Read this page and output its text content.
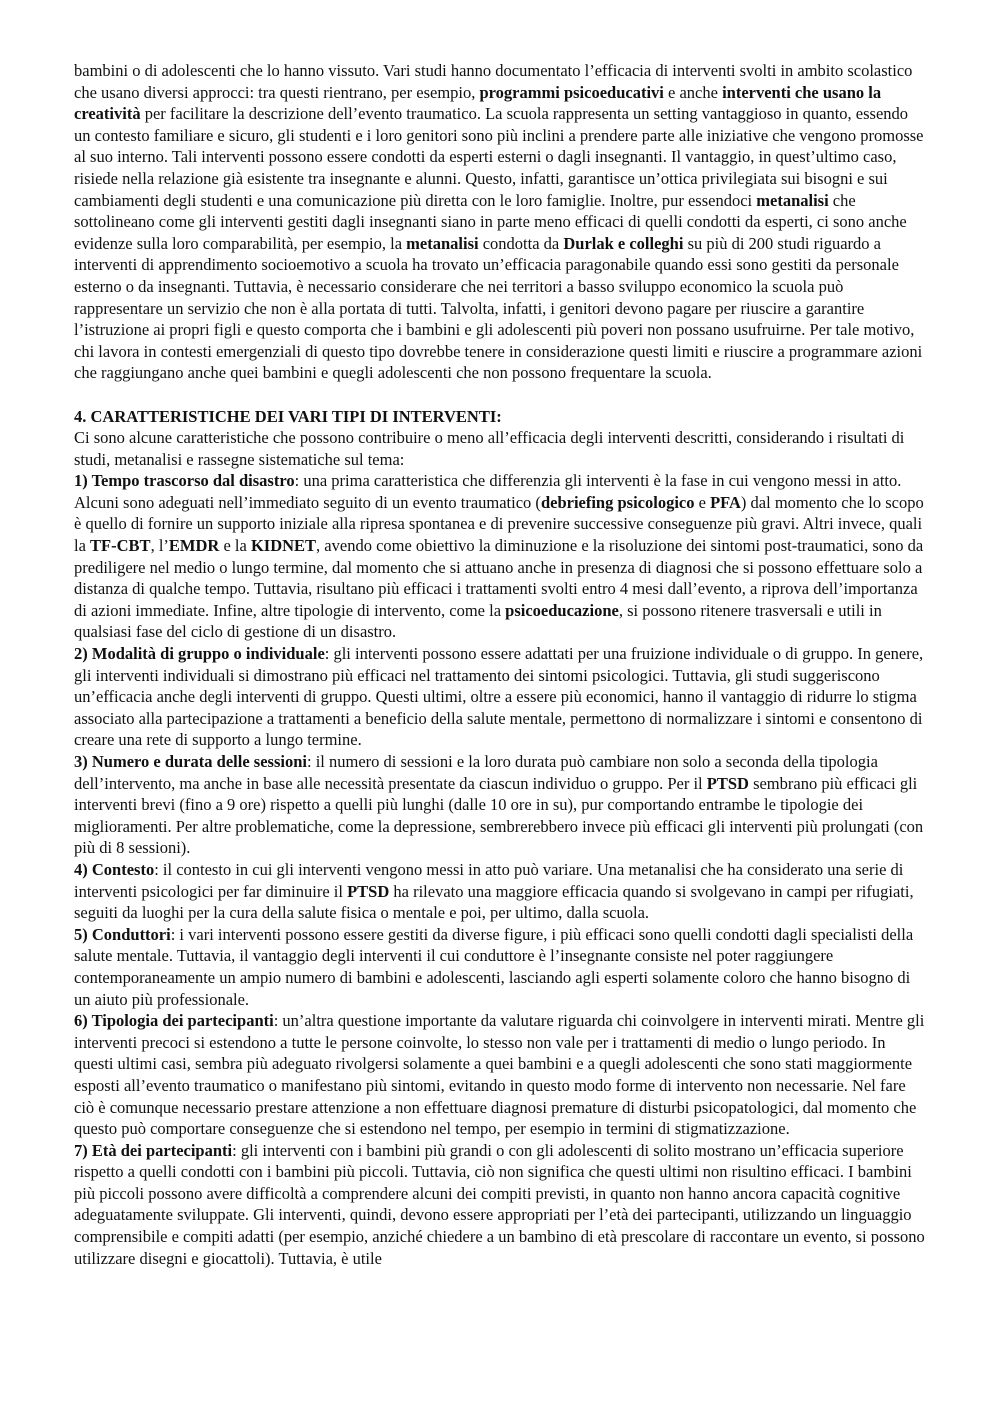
bambini o di adolescenti che lo hanno vissuto. Vari studi hanno documentato l’efficacia di interventi svolti in ambito scolastico che usano diversi approcci: tra questi rientrano, per esempio, programmi psicoeducativi e anche interventi che usano la creatività per facilitare la descrizione dell’evento traumatico. La scuola rappresenta un setting vantaggioso in quanto, essendo un contesto familiare e sicuro, gli studenti e i loro genitori sono più inclini a prendere parte alle iniziative che vengono promosse al suo interno. Tali interventi possono essere condotti da esperti esterni o dagli insegnanti. Il vantaggio, in quest’ultimo caso, risiede nella relazione già esistente tra insegnante e alunni. Questo, infatti, garantisce un’ottica privilegiata sui bisogni e sui cambiamenti degli studenti e una comunicazione più diretta con le loro famiglie. Inoltre, pur essendoci metanalisi che sottolineano come gli interventi gestiti dagli insegnanti siano in parte meno efficaci di quelli condotti da esperti, ci sono anche evidenze sulla loro comparabilità, per esempio, la metanalisi condotta da Durlak e colleghi su più di 200 studi riguardo a interventi di apprendimento socioemotivo a scuola ha trovato un’efficacia paragonabile quando essi sono gestiti da personale esterno o da insegnanti. Tuttavia, è necessario considerare che nei territori a basso sviluppo economico la scuola può rappresentare un servizio che non è alla portata di tutti. Talvolta, infatti, i genitori devono pagare per riuscire a garantire l’istruzione ai propri figli e questo comporta che i bambini e gli adolescenti più poveri non possano usufruirne. Per tale motivo, chi lavora in contesti emergenziali di questo tipo dovrebbe tenere in considerazione questi limiti e riuscire a programmare azioni che raggiungano anche quei bambini e quegli adolescenti che non possono frequentare la scuola.

4. CARATTERISTICHE DEI VARI TIPI DI INTERVENTI:

Ci sono alcune caratteristiche che possono contribuire o meno all’efficacia degli interventi descritti, considerando i risultati di studi, metanalisi e rassegne sistematiche sul tema:

1) Tempo trascorso dal disastro: una prima caratteristica che differenzia gli interventi è la fase in cui vengono messi in atto. Alcuni sono adeguati nell’immediato seguito di un evento traumatico (debriefing psicologico e PFA) dal momento che lo scopo è quello di fornire un supporto iniziale alla ripresa spontanea e di prevenire successive conseguenze più gravi. Altri invece, quali la TF-CBT, l’EMDR e la KIDNET, avendo come obiettivo la diminuzione e la risoluzione dei sintomi post-traumatici, sono da prediligere nel medio o lungo termine, dal momento che si attuano anche in presenza di diagnosi che si possono effettuare solo a distanza di qualche tempo. Tuttavia, risultano più efficaci i trattamenti svolti entro 4 mesi dall’evento, a riprova dell’importanza di azioni immediate. Infine, altre tipologie di intervento, come la psicoeducazione, si possono ritenere trasversali e utili in qualsiasi fase del ciclo di gestione di un disastro.

2) Modalità di gruppo o individuale: gli interventi possono essere adattati per una fruizione individuale o di gruppo. In genere, gli interventi individuali si dimostrano più efficaci nel trattamento dei sintomi psicologici. Tuttavia, gli studi suggeriscono un’efficacia anche degli interventi di gruppo. Questi ultimi, oltre a essere più economici, hanno il vantaggio di ridurre lo stigma associato alla partecipazione a trattamenti a beneficio della salute mentale, permettono di normalizzare i sintomi e consentono di creare una rete di supporto a lungo termine.

3) Numero e durata delle sessioni: il numero di sessioni e la loro durata può cambiare non solo a seconda della tipologia dell’intervento, ma anche in base alle necessità presentate da ciascun individuo o gruppo. Per il PTSD sembrano più efficaci gli interventi brevi (fino a 9 ore) rispetto a quelli più lunghi (dalle 10 ore in su), pur comportando entrambe le tipologie dei miglioramenti. Per altre problematiche, come la depressione, sembrerebbero invece più efficaci gli interventi più prolungati (con più di 8 sessioni).

4) Contesto: il contesto in cui gli interventi vengono messi in atto può variare. Una metanalisi che ha considerato una serie di interventi psicologici per far diminuire il PTSD ha rilevato una maggiore efficacia quando si svolgevano in campi per rifugiati, seguiti da luoghi per la cura della salute fisica o mentale e poi, per ultimo, dalla scuola.

5) Conduttori: i vari interventi possono essere gestiti da diverse figure, i più efficaci sono quelli condotti dagli specialisti della salute mentale. Tuttavia, il vantaggio degli interventi il cui conduttore è l’insegnante consiste nel poter raggiungere contemporaneamente un ampio numero di bambini e adolescenti, lasciando agli esperti solamente coloro che hanno bisogno di un aiuto più professionale.

6) Tipologia dei partecipanti: un’altra questione importante da valutare riguarda chi coinvolgere in interventi mirati. Mentre gli interventi precoci si estendono a tutte le persone coinvolte, lo stesso non vale per i trattamenti di medio o lungo periodo. In questi ultimi casi, sembra più adeguato rivolgersi solamente a quei bambini e a quegli adolescenti che sono stati maggiormente esposti all’evento traumatico o manifestano più sintomi, evitando in questo modo forme di intervento non necessarie. Nel fare ciò è comunque necessario prestare attenzione a non effettuare diagnosi premature di disturbi psicopatologici, dal momento che questo può comportare conseguenze che si estendono nel tempo, per esempio in termini di stigmatizzazione.

7) Età dei partecipanti: gli interventi con i bambini più grandi o con gli adolescenti di solito mostrano un’efficacia superiore rispetto a quelli condotti con i bambini più piccoli. Tuttavia, ciò non significa che questi ultimi non risultino efficaci. I bambini più piccoli possono avere difficoltà a comprendere alcuni dei compiti previsti, in quanto non hanno ancora capacità cognitive adeguatamente sviluppate. Gli interventi, quindi, devono essere appropriati per l’età dei partecipanti, utilizzando un linguaggio comprensibile e compiti adatti (per esempio, anziché chiedere a un bambino di età prescolare di raccontare un evento, si possono utilizzare disegni e giocattoli). Tuttavia, è utile
